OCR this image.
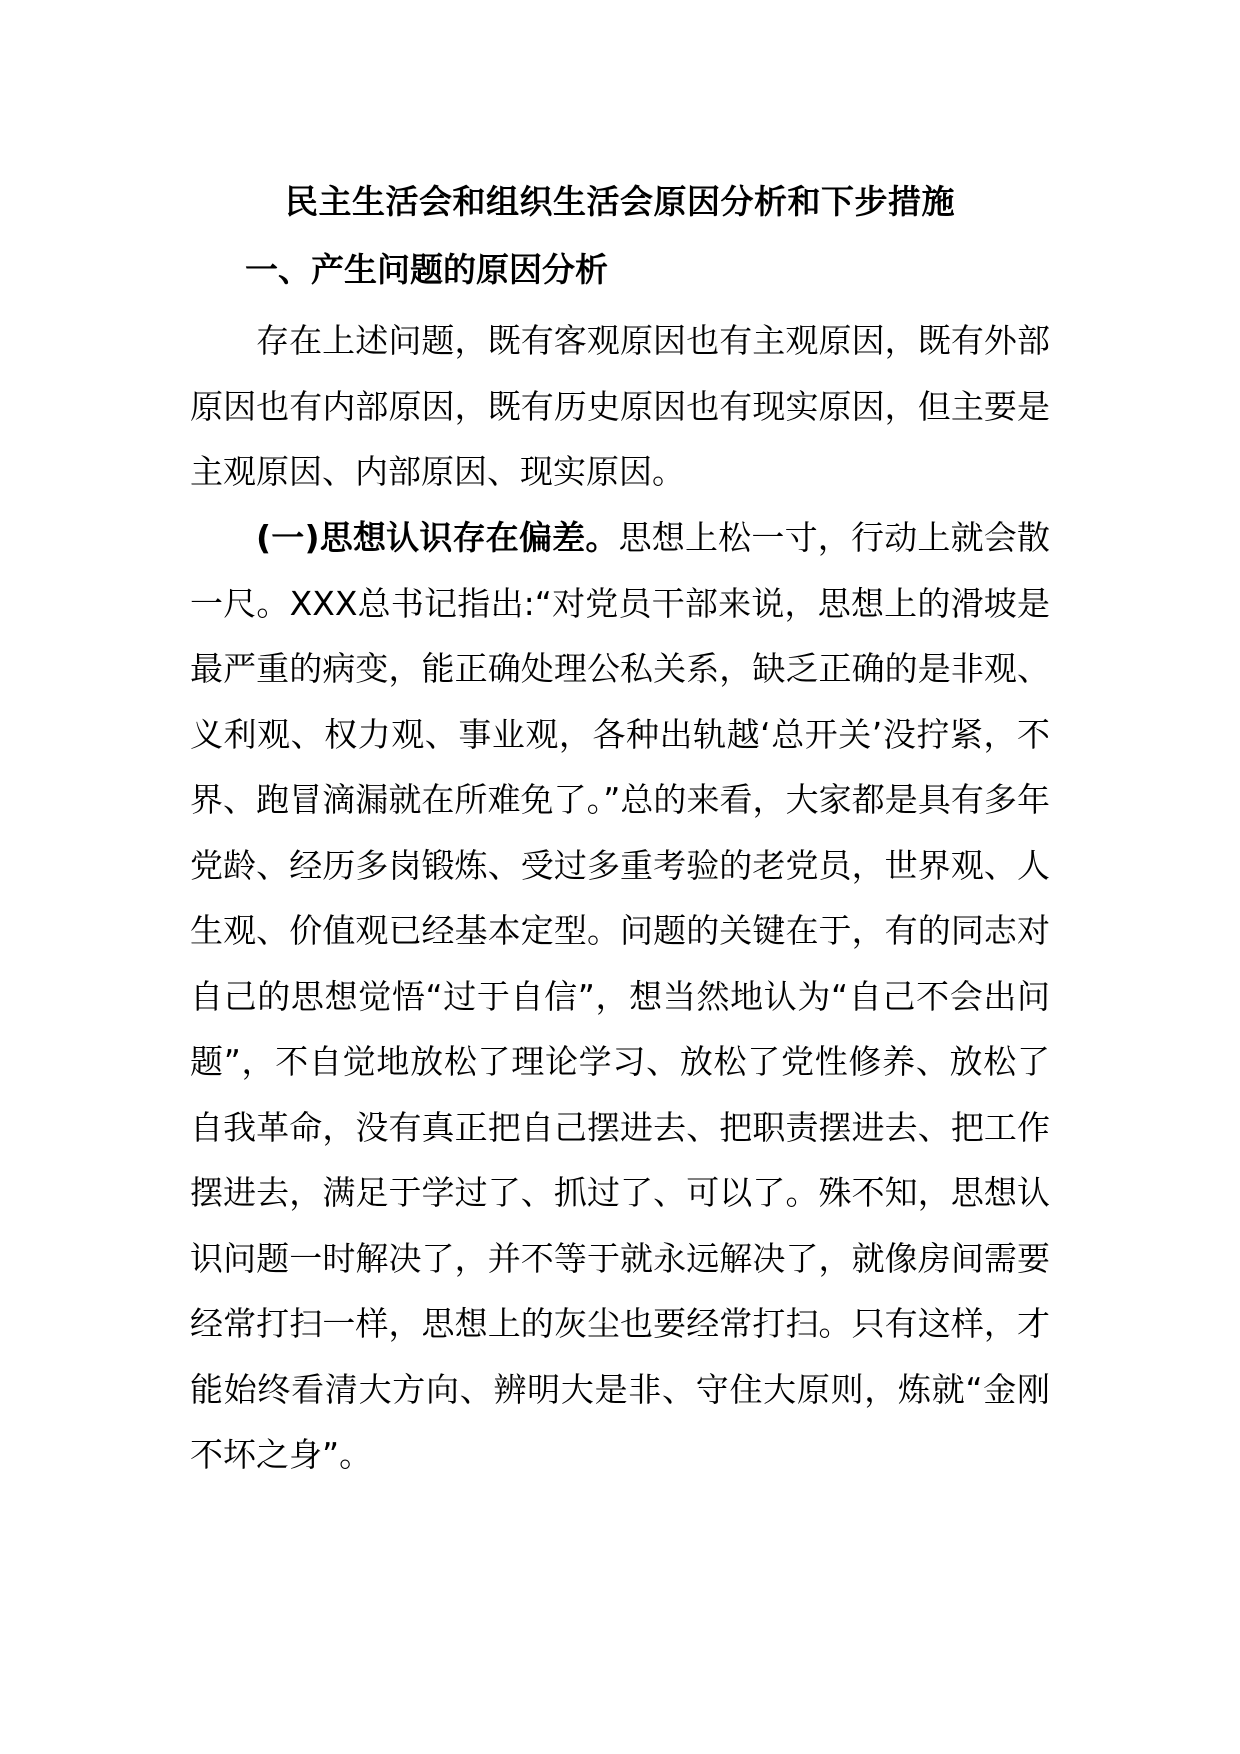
民主生活会和组织生活会原因分析和下步措施
一、产生问题的原因分析

存在上述问题，既有客观原因也有主观原因，既有外部原因也有内部原因，既有历史原因也有现实原因，但主要是主观原因、内部原因、现实原因。

(一)思想认识存在偏差。思想上松一寸，行动上就会散一尺。XXX总书记指出:“对党员干部来说，思想上的滑坡是最严重的病变，能正确处理公私关系，缺乏正确的是非观、义利观、权力观、事业观，各种出轨越‘总开关’没拧紧，不界、跑冒滴漏就在所难免了。”总的来看，大家都是具有多年党龄、经历多岗锻炼、受过多重考验的老党员，世界观、人生观、价值观已经基本定型。问题的关键在于，有的同志对自己的思想觉悟“过于自信”，想当然地认为“自己不会出问题”，不自觉地放松了理论学习、放松了党性修养、放松了自我革命，没有真正把自己摆进去、把职责摆进去、把工作摆进去，满足于学过了、抓过了、可以了。殊不知，思想认识问题一时解决了，并不等于就永远解决了，就像房间需要经常打扫一样，思想上的灰尘也要经常打扫。只有这样，才能始终看清大方向、辨明大是非、守住大原则，炼就“金刚不坏之身”。
